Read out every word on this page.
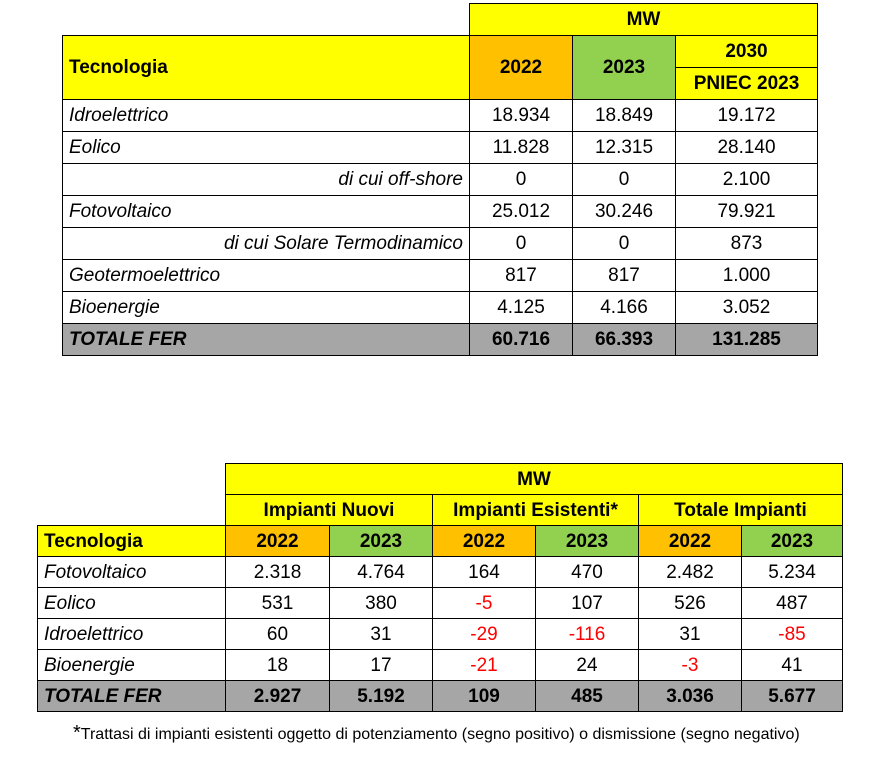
	MW		
Tecnologia	2022	2023	2030
			PNIEC 2023
Idroelettrico	18.934	18.849	19.172
Eolico	11.828	12.315	28.140
di cui off-shore	0	0	2.100
Fotovoltaico	25.012	30.246	79.921
di cui Solare Termodinamico	0	0	873
Geotermoelettrico	817	817	1.000
Bioenergie	4.125	4.166	3.052
TOTALE FER	60.716	66.393	131.285
	MW					
	Impianti Nuovi		Impianti Esistenti*		Totale Impianti	
Tecnologia	2022	2023	2022	2023	2022	2023
Fotovoltaico	2.318	4.764	164	470	2.482	5.234
Eolico	531	380	-5	107	526	487
Idroelettrico	60	31	-29	-116	31	-85
Bioenergie	18	17	-21	24	-3	41
TOTALE FER	2.927	5.192	109	485	3.036	5.677
*Trattasi di impianti esistenti oggetto di potenziamento (segno positivo) o dismissione (segno negativo)
